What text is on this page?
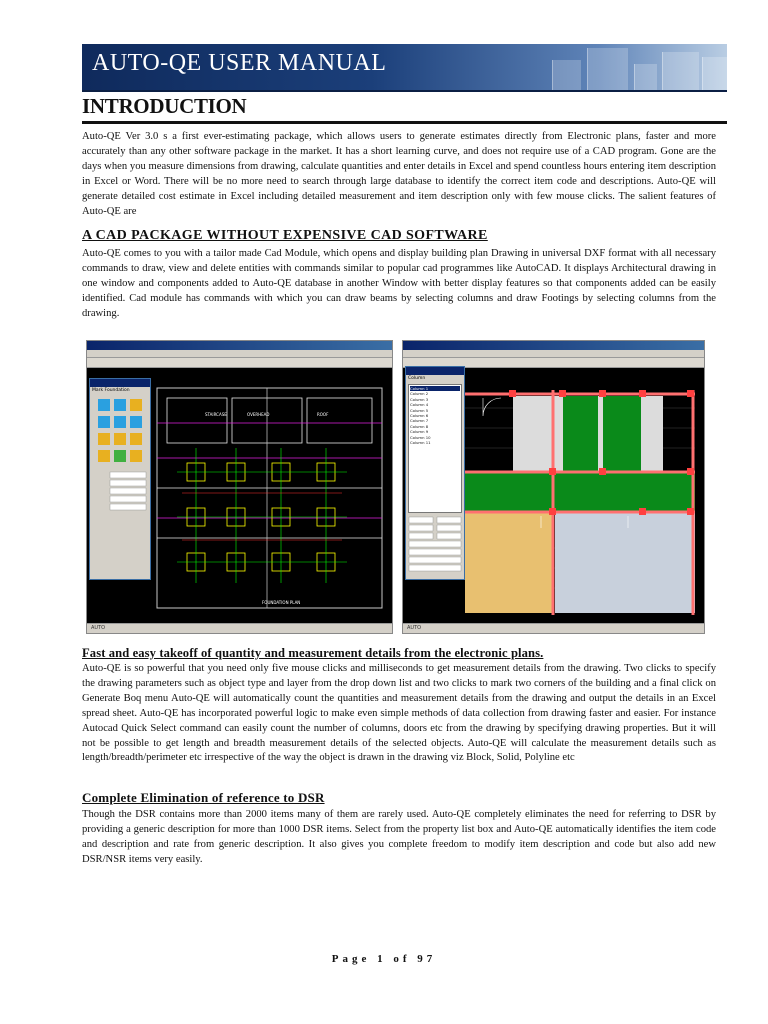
AUTO-QE USER MANUAL
INTRODUCTION

Auto-QE Ver 3.0 s a first ever-estimating package, which allows users to generate estimates directly from Electronic plans, faster and more accurately than any other software package in the market. It has a short learning curve, and does not require use of a CAD program. Gone are the days when you measure dimensions from drawing, calculate quantities and enter details in Excel and spend countless hours entering item description in Excel or Word. There will be no more need to search through large database to identify the correct item code and descriptions. Auto-QE will generate detailed cost estimate in Excel including detailed measurement and item description only with few mouse clicks. The salient features of Auto-QE are

A CAD PACKAGE WITHOUT EXPENSIVE CAD SOFTWARE

Auto-QE comes to you with a tailor made Cad Module, which opens and display building plan Drawing in universal DXF format with all necessary commands to draw, view and delete entities with commands similar to popular cad programmes like AutoCAD. It displays Architectural drawing in one window and components added to Auto-QE database in another Window with better display features so that components added can be easily identified. Cad module has commands with which you can draw beams by selecting columns and draw Footings by selecting columns from the drawing.

STAIRCASE	OVERHEAD	ROOF
FOUNDATION PLAN
Mark Foundation
AUTO
Column
Column 1
Column 2
Column 3
Column 4
Column 5
Column 6
Column 7
Column 8
Column 9
Column 10
Column 11
AUTO
Fast and easy takeoff of quantity and measurement details from the electronic plans.

Auto-QE is so powerful that you need only five mouse clicks and milliseconds to get measurement details from the drawing. Two clicks to specify the drawing parameters such as object type and layer from the drop down list and two clicks to mark two corners of the building and a final click on Generate Boq menu Auto-QE will automatically count the quantities and measurement details from the drawing and output the details in an Excel spread sheet. Auto-QE has incorporated powerful logic to make even simple methods of data collection from drawing faster and easier. For instance Autocad Quick Select command can easily count the number of columns, doors etc from the drawing by specifying drawing properties. But it will not be possible to get length and breadth measurement details of the selected objects. Auto-QE will calculate the measurement details such as length/breadth/perimeter etc irrespective of the way the object is drawn in the drawing viz Block, Solid, Polyline etc

Complete Elimination of reference to DSR

Though the DSR contains more than 2000 items many of them are rarely used. Auto-QE completely eliminates the need for referring to DSR by providing a generic description for more than 1000 DSR items. Select from the property list box and Auto-QE automatically identifies the item code and description and rate from generic description. It also gives you complete freedom to modify item description and code but also add new DSR/NSR items very easily.

Page 1 of 97
